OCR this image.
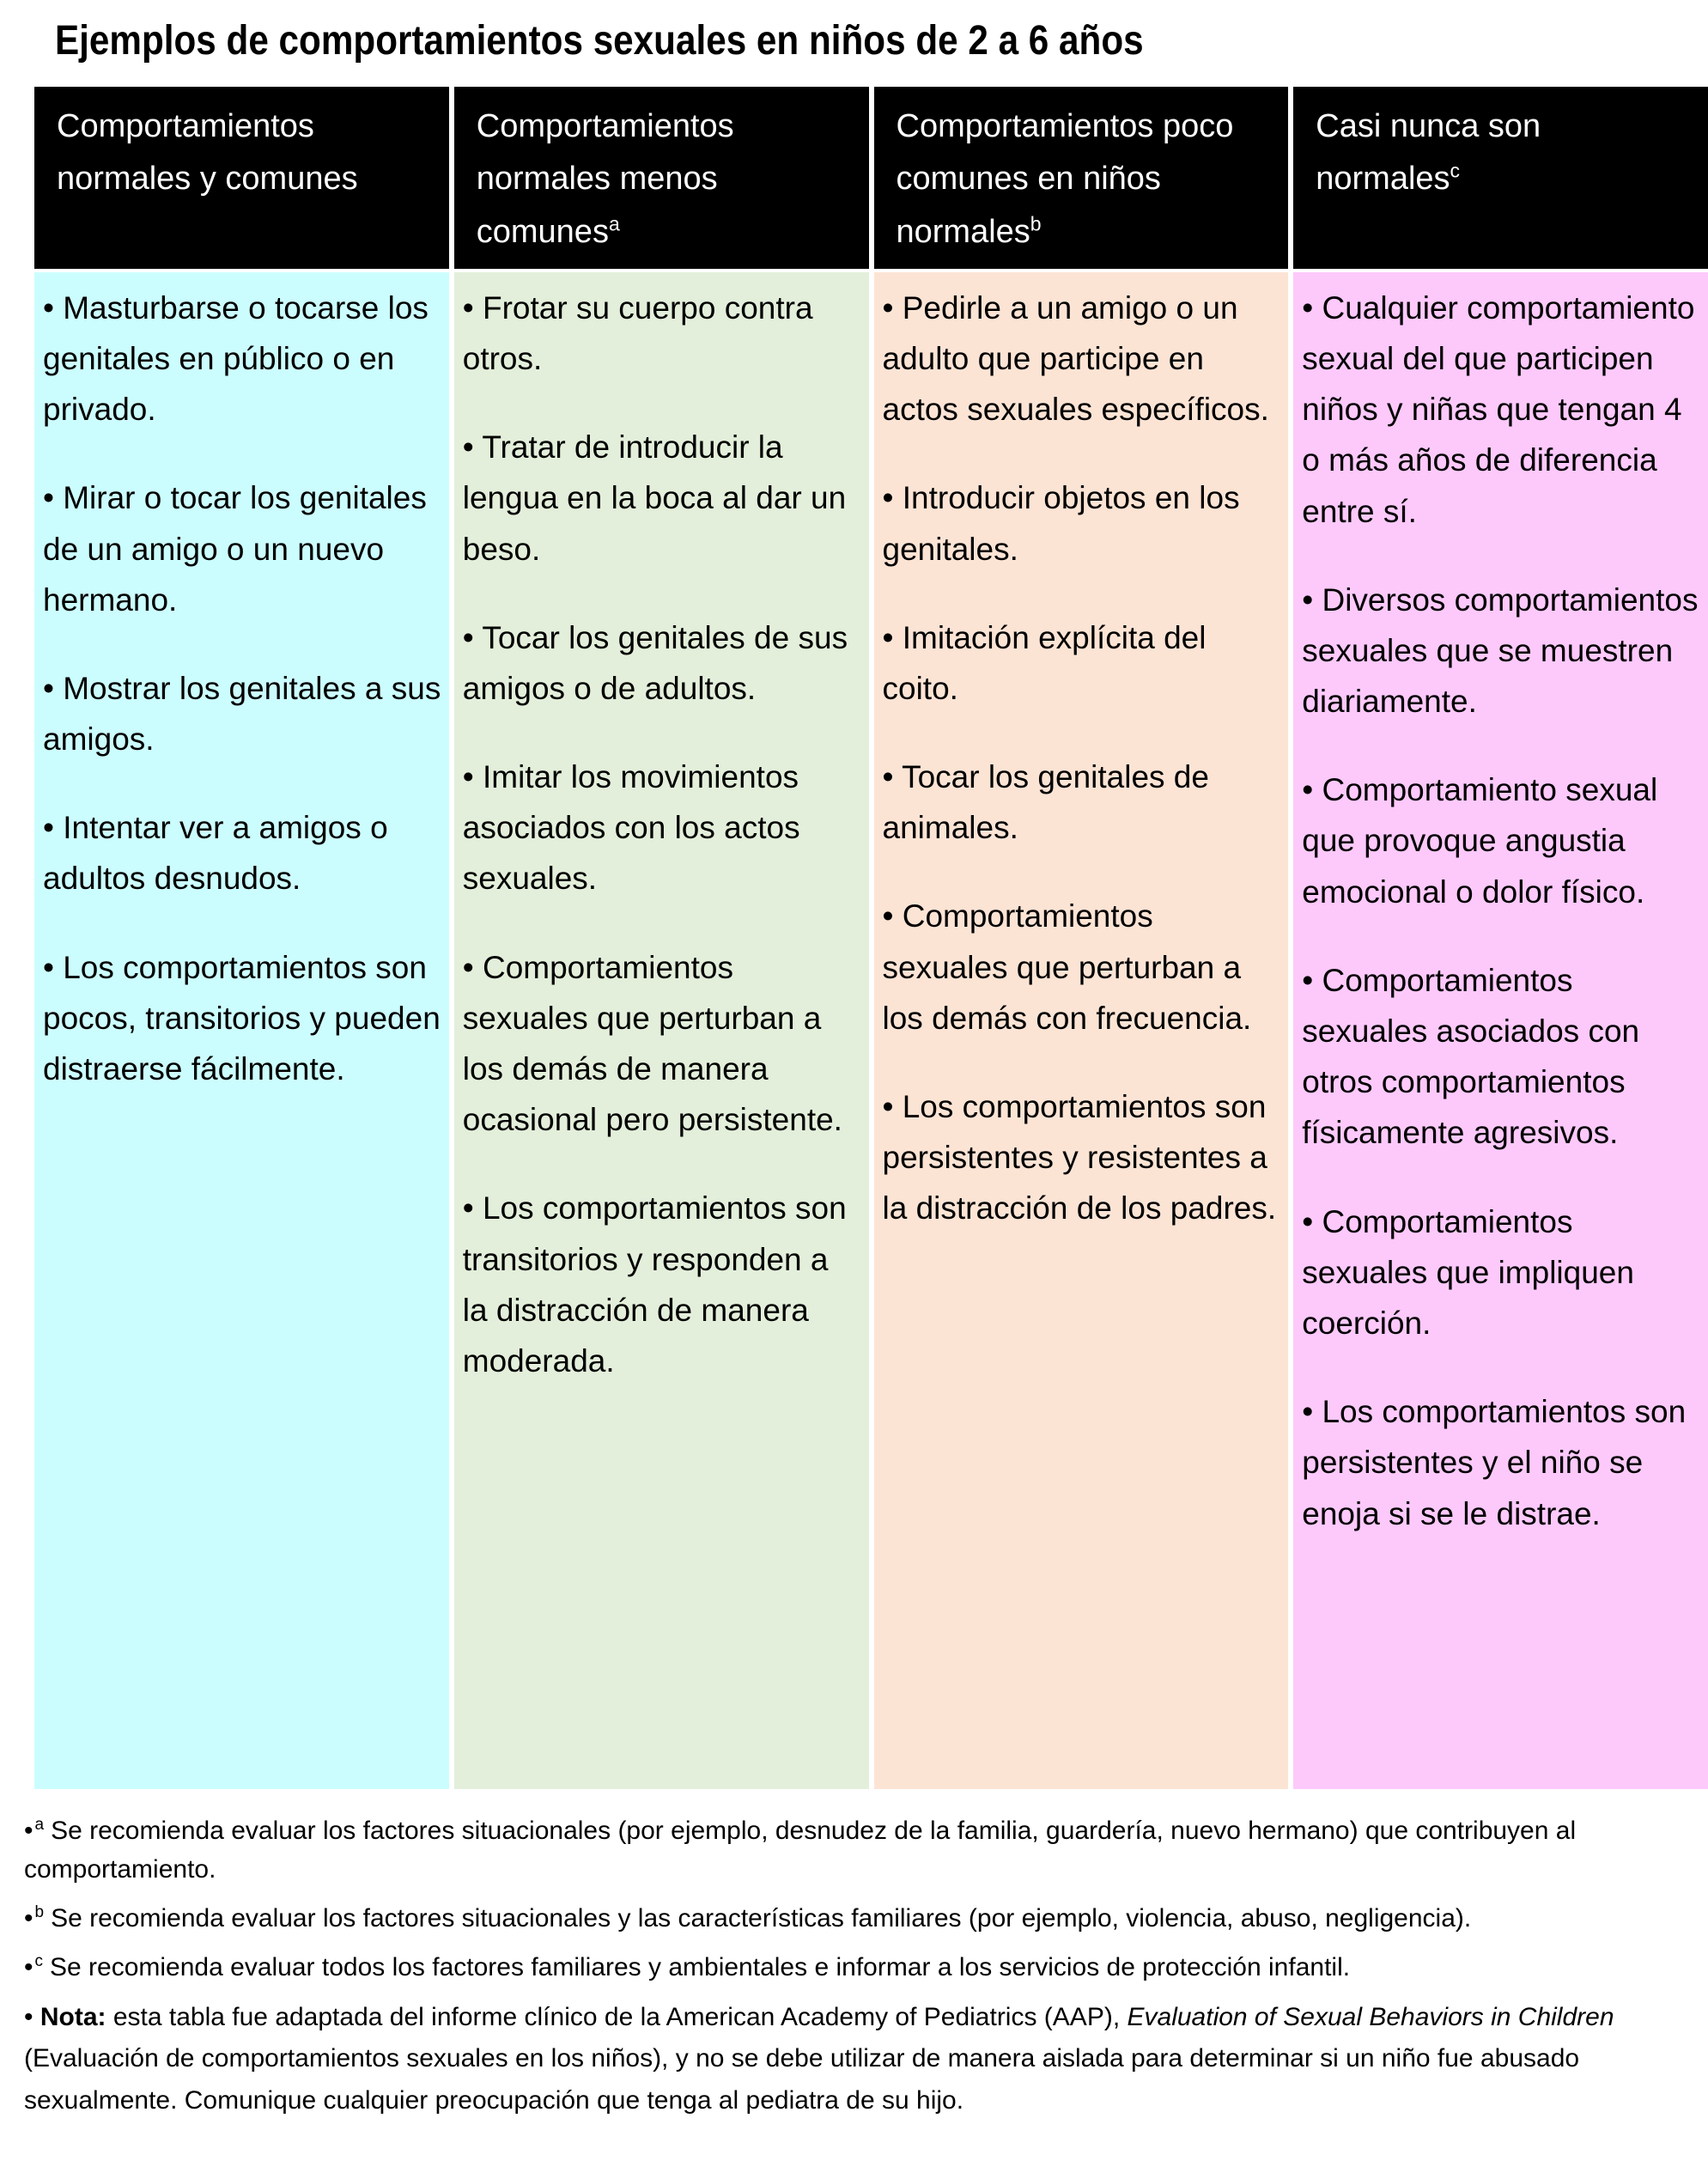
Ejemplos de comportamientos sexuales en niños de 2 a 6 años
Comportamientos normales y comunes
Comportamientos normales menos comunes$^a$
Comportamientos poco comunes en niños normales$^b$
Casi nunca son normales$^c$

• Masturbarse o tocarse los genitales en público o en privado.

• Mirar o tocar los genitales de un amigo o un nuevo hermano.

• Mostrar los genitales a sus amigos.

• Intentar ver a amigos o adultos desnudos.

• Los comportamientos son pocos, transitorios y pueden distraerse fácilmente.

• Frotar su cuerpo contra otros.

• Tratar de introducir la lengua en la boca al dar un beso.

• Tocar los genitales de sus amigos o de adultos.

• Imitar los movimientos asociados con los actos sexuales.

• Comportamientos sexuales que perturban a los demás de manera ocasional pero persistente.

• Los comportamientos son transitorios y responden a la distracción de manera moderada.

• Pedirle a un amigo o un adulto que participe en actos sexuales específicos.

• Introducir objetos en los genitales.

• Imitación explícita del coito.

• Tocar los genitales de animales.

• Comportamientos sexuales que perturban a los demás con frecuencia.

• Los comportamientos son persistentes y resistentes a la distracción de los padres.

• Cualquier comportamiento sexual del que participen niños y niñas que tengan 4 o más años de diferencia entre sí.

• Diversos comportamientos sexuales que se muestren diariamente.

• Comportamiento sexual que provoque angustia emocional o dolor físico.

• Comportamientos sexuales asociados con otros comportamientos físicamente agresivos.

• Comportamientos sexuales que impliquen coerción.

• Los comportamientos son persistentes y el niño se enoja si se le distrae.

• $^a$ Se recomienda evaluar los factores situacionales (por ejemplo, desnudez de la familia, guardería, nuevo hermano) que contribuyen al comportamiento.

• $^b$ Se recomienda evaluar los factores situacionales y las características familiares (por ejemplo, violencia, abuso, negligencia).

• $^c$ Se recomienda evaluar todos los factores familiares y ambientales e informar a los servicios de protección infantil.

• Nota: esta tabla fue adaptada del informe clínico de la American Academy of Pediatrics (AAP), Evaluation of Sexual Behaviors in Children (Evaluación de comportamientos sexuales en los niños), y no se debe utilizar de manera aislada para determinar si un niño fue abusado sexualmente. Comunique cualquier preocupación que tenga al pediatra de su hijo.
